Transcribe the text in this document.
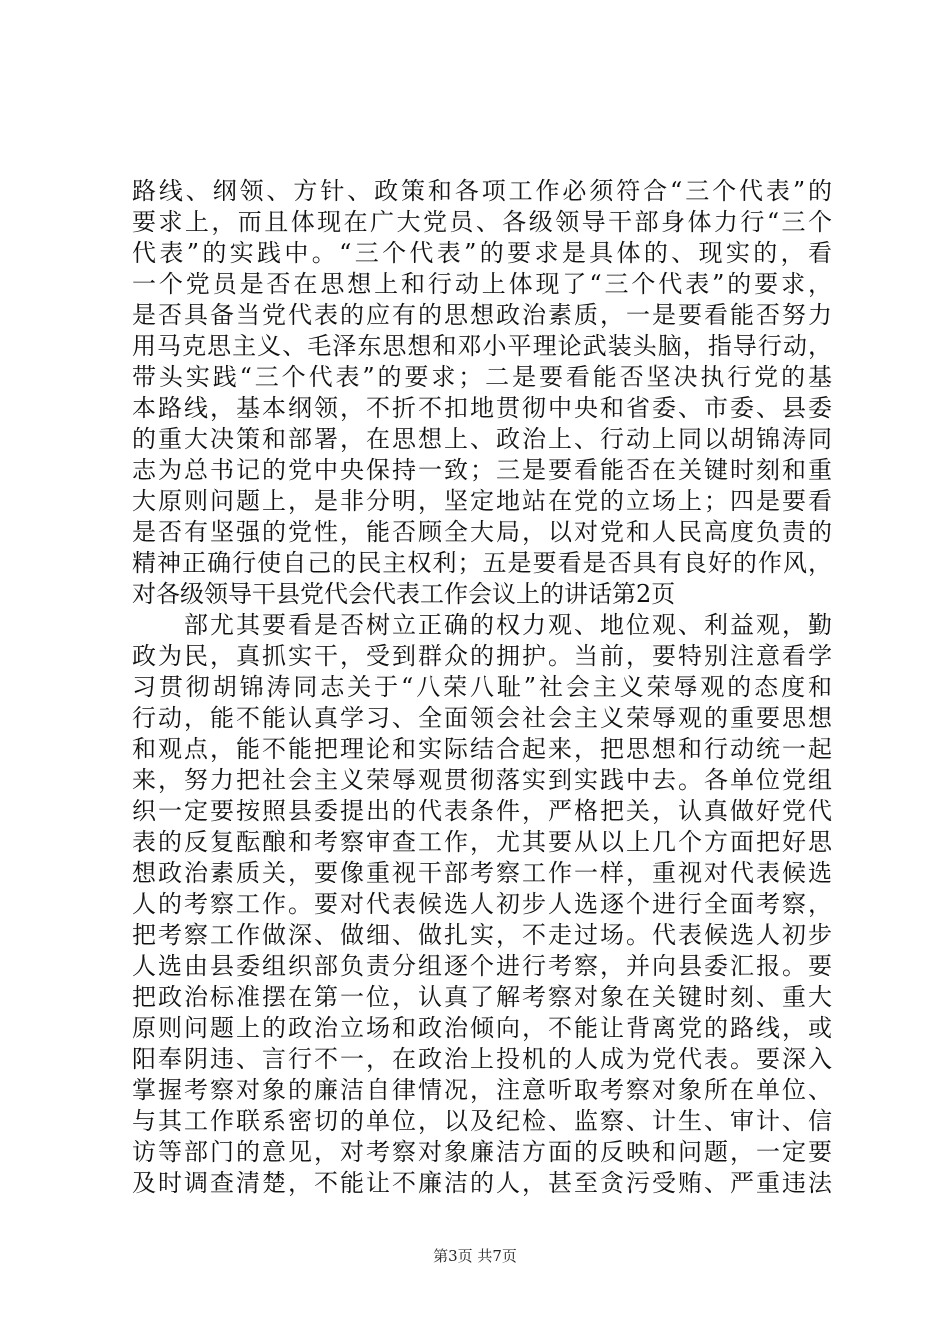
路线、纲领、方针、政策和各项工作必须符合“三个代表”的
要求上，而且体现在广大党员、各级领导干部身体力行“三个
代表”的实践中。“三个代表”的要求是具体的、现实的，看
一个党员是否在思想上和行动上体现了“三个代表”的要求，
是否具备当党代表的应有的思想政治素质，一是要看能否努力
用马克思主义、毛泽东思想和邓小平理论武装头脑，指导行动，
带头实践“三个代表”的要求；二是要看能否坚决执行党的基
本路线，基本纲领，不折不扣地贯彻中央和省委、市委、县委
的重大决策和部署，在思想上、政治上、行动上同以胡锦涛同
志为总书记的党中央保持一致；三是要看能否在关键时刻和重
大原则问题上，是非分明，坚定地站在党的立场上；四是要看
是否有坚强的党性，能否顾全大局，以对党和人民高度负责的
精神正确行使自己的民主权利；五是要看是否具有良好的作风，
对各级领导干县党代会代表工作会议上的讲话第2页
　　部尤其要看是否树立正确的权力观、地位观、利益观，勤
政为民，真抓实干，受到群众的拥护。当前，要特别注意看学
习贯彻胡锦涛同志关于“八荣八耻”社会主义荣辱观的态度和
行动，能不能认真学习、全面领会社会主义荣辱观的重要思想
和观点，能不能把理论和实际结合起来，把思想和行动统一起
来，努力把社会主义荣辱观贯彻落实到实践中去。各单位党组
织一定要按照县委提出的代表条件，严格把关，认真做好党代
表的反复酝酿和考察审查工作，尤其要从以上几个方面把好思
想政治素质关，要像重视干部考察工作一样，重视对代表候选
人的考察工作。要对代表候选人初步人选逐个进行全面考察，
把考察工作做深、做细、做扎实，不走过场。代表候选人初步
人选由县委组织部负责分组逐个进行考察，并向县委汇报。要
把政治标准摆在第一位，认真了解考察对象在关键时刻、重大
原则问题上的政治立场和政治倾向，不能让背离党的路线，或
阳奉阴违、言行不一，在政治上投机的人成为党代表。要深入
掌握考察对象的廉洁自律情况，注意听取考察对象所在单位、
与其工作联系密切的单位，以及纪检、监察、计生、审计、信
访等部门的意见，对考察对象廉洁方面的反映和问题，一定要
及时调查清楚，不能让不廉洁的人，甚至贪污受贿、严重违法
第3页 共7页
